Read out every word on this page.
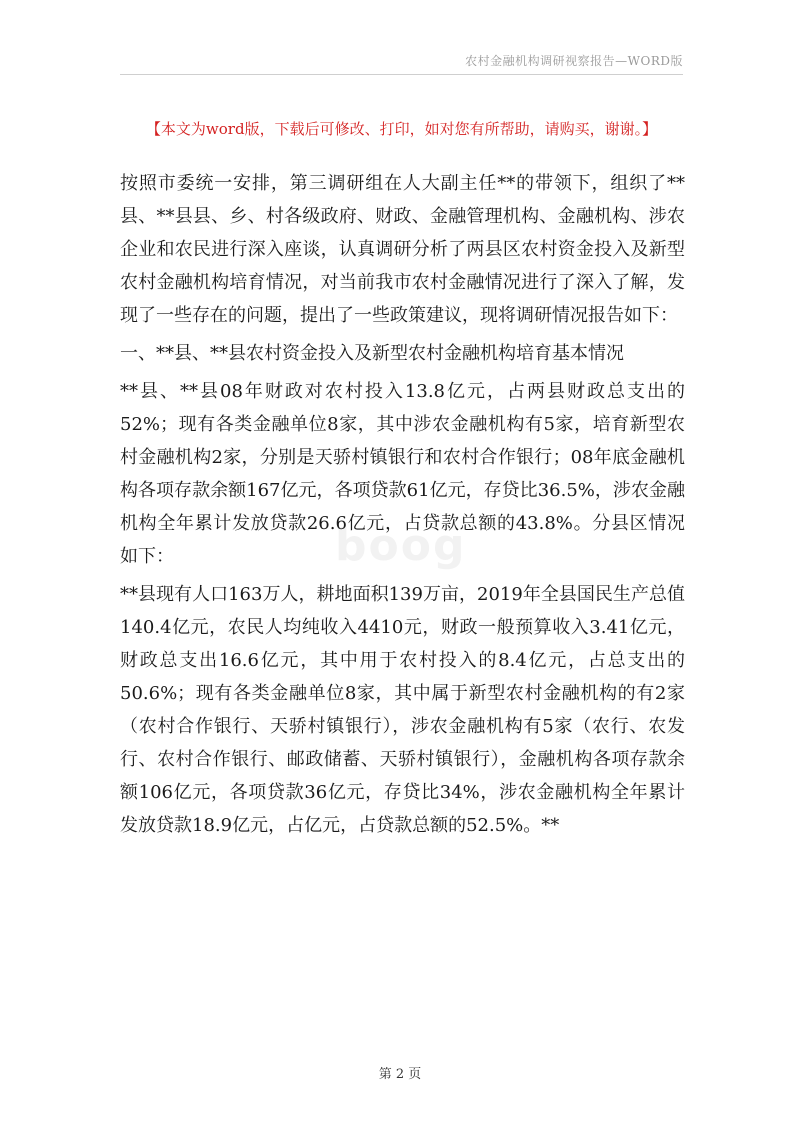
农村金融机构调研视察报告—WORD版
【本文为word版，下载后可修改、打印，如对您有所帮助，请购买，谢谢。】

按照市委统一安排，第三调研组在人大副主任**的带领下，组织了**县、**县县、乡、村各级政府、财政、金融管理机构、金融机构、涉农企业和农民进行深入座谈，认真调研分析了两县区农村资金投入及新型农村金融机构培育情况，对当前我市农村金融情况进行了深入了解，发现了一些存在的问题，提出了一些政策建议，现将调研情况报告如下：

一、**县、**县农村资金投入及新型农村金融机构培育基本情况

**县、**县08年财政对农村投入13.8亿元，占两县财政总支出的52%；现有各类金融单位8家，其中涉农金融机构有5家，培育新型农村金融机构2家，分别是天骄村镇银行和农村合作银行；08年底金融机构各项存款余额167亿元，各项贷款61亿元，存贷比36.5%，涉农金融机构全年累计发放贷款26.6亿元，占贷款总额的43.8%。分县区情况如下：

**县现有人口163万人，耕地面积139万亩，2019年全县国民生产总值140.4亿元，农民人均纯收入4410元，财政一般预算收入3.41亿元，财政总支出16.6亿元，其中用于农村投入的8.4亿元，占总支出的50.6%；现有各类金融单位8家，其中属于新型农村金融机构的有2家（农村合作银行、天骄村镇银行），涉农金融机构有5家（农行、农发行、农村合作银行、邮政储蓄、天骄村镇银行），金融机构各项存款余额106亿元，各项贷款36亿元，存贷比34%，涉农金融机构全年累计发放贷款18.9亿元，占亿元，占贷款总额的52.5%。**

boog
第 2 页
